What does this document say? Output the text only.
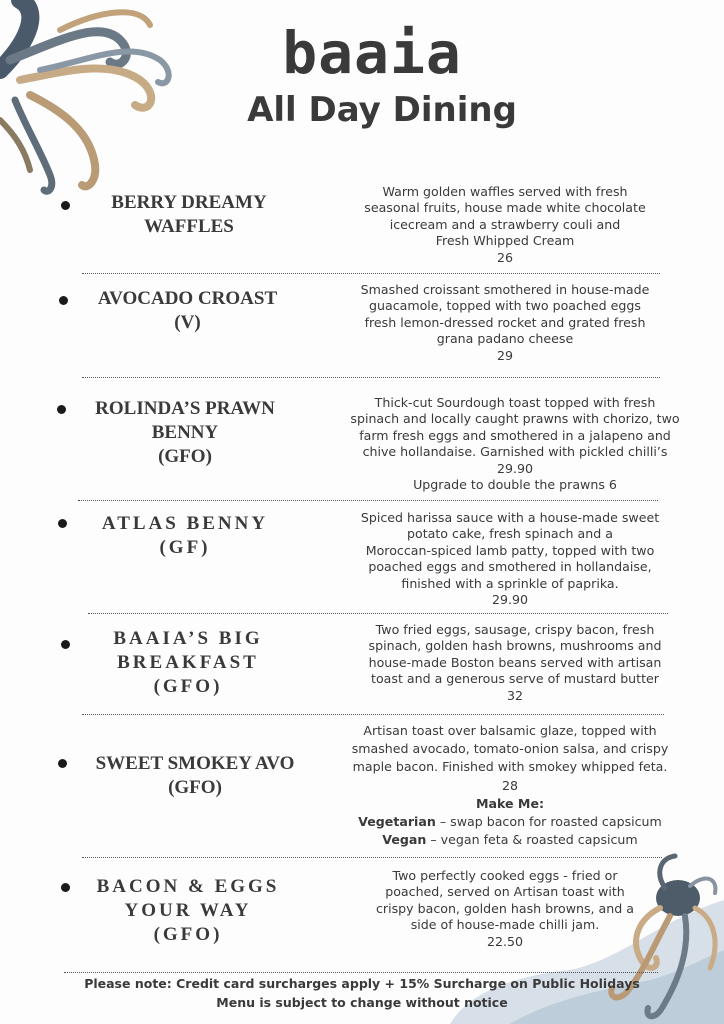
baaia
All Day Dining
BERRY DREAMY
WAFFLES
Warm golden waffles served with fresh
seasonal fruits, house made white chocolate
icecream and a strawberry couli and
Fresh Whipped Cream
26
AVOCADO CROAST
(V)
Smashed croissant smothered in house-made
guacamole, topped with two poached eggs
fresh lemon-dressed rocket and grated fresh
grana padano cheese
29
ROLINDA’S PRAWN
BENNY
(GFO)
Thick-cut Sourdough toast topped with fresh
spinach and locally caught prawns with chorizo, two
farm fresh eggs and smothered in a jalapeno and
chive hollandaise. Garnished with pickled chilli’s
29.90
Upgrade to double the prawns 6
ATLAS BENNY
(GF)
Spiced harissa sauce with a house-made sweet
potato cake, fresh spinach and a
Moroccan-spiced lamb patty, topped with two
poached eggs and smothered in hollandaise,
finished with a sprinkle of paprika.
29.90
BAAIA’S BIG
BREAKFAST
(GFO)
Two fried eggs, sausage, crispy bacon, fresh
spinach, golden hash browns, mushrooms and
house-made Boston beans served with artisan
toast and a generous serve of mustard butter
32
SWEET SMOKEY AVO
(GFO)
Artisan toast over balsamic glaze, topped with
smashed avocado, tomato-onion salsa, and crispy
maple bacon. Finished with smokey whipped feta.
28
Make Me:
Vegetarian – swap bacon for roasted capsicum
Vegan – vegan feta & roasted capsicum
BACON & EGGS
YOUR WAY
(GFO)
Two perfectly cooked eggs - fried or
poached, served on Artisan toast with
crispy bacon, golden hash browns, and a
side of house-made chilli jam.
22.50
Please note: Credit card surcharges apply + 15% Surcharge on Public Holidays
Menu is subject to change without notice
